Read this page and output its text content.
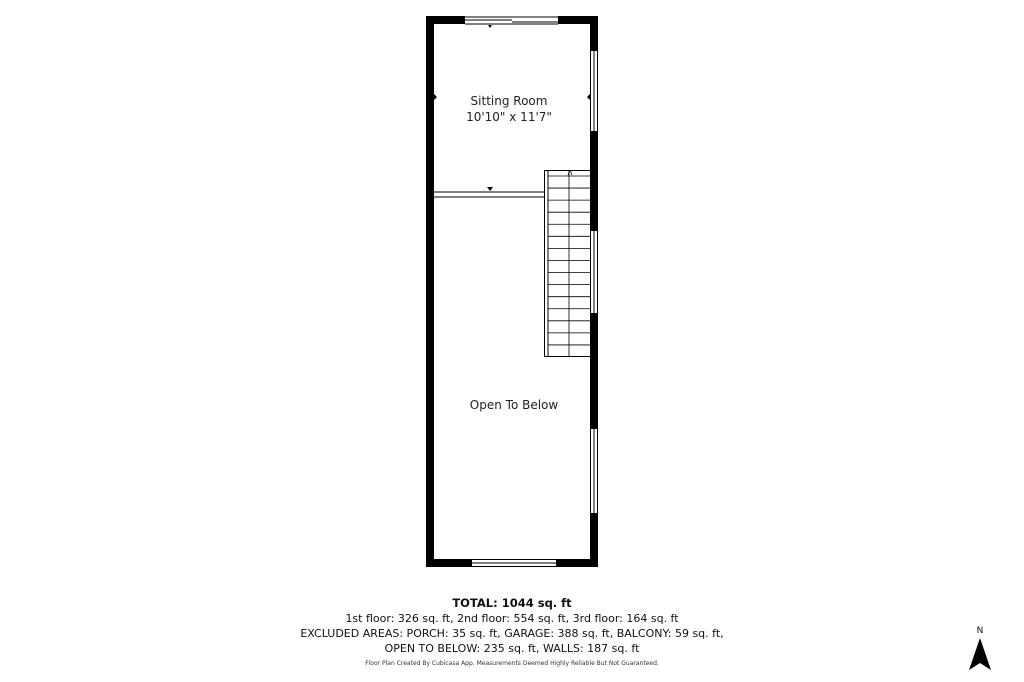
Sitting Room
10'10" x 11'7"
Open To Below
TOTAL: 1044 sq. ft
1st floor: 326 sq. ft, 2nd floor: 554 sq. ft, 3rd floor: 164 sq. ft
EXCLUDED AREAS: PORCH: 35 sq. ft, GARAGE: 388 sq. ft, BALCONY: 59 sq. ft,
OPEN TO BELOW: 235 sq. ft, WALLS: 187 sq. ft
Floor Plan Created By Cubicasa App. Measurements Deemed Highly Reliable But Not Guaranteed.
N
